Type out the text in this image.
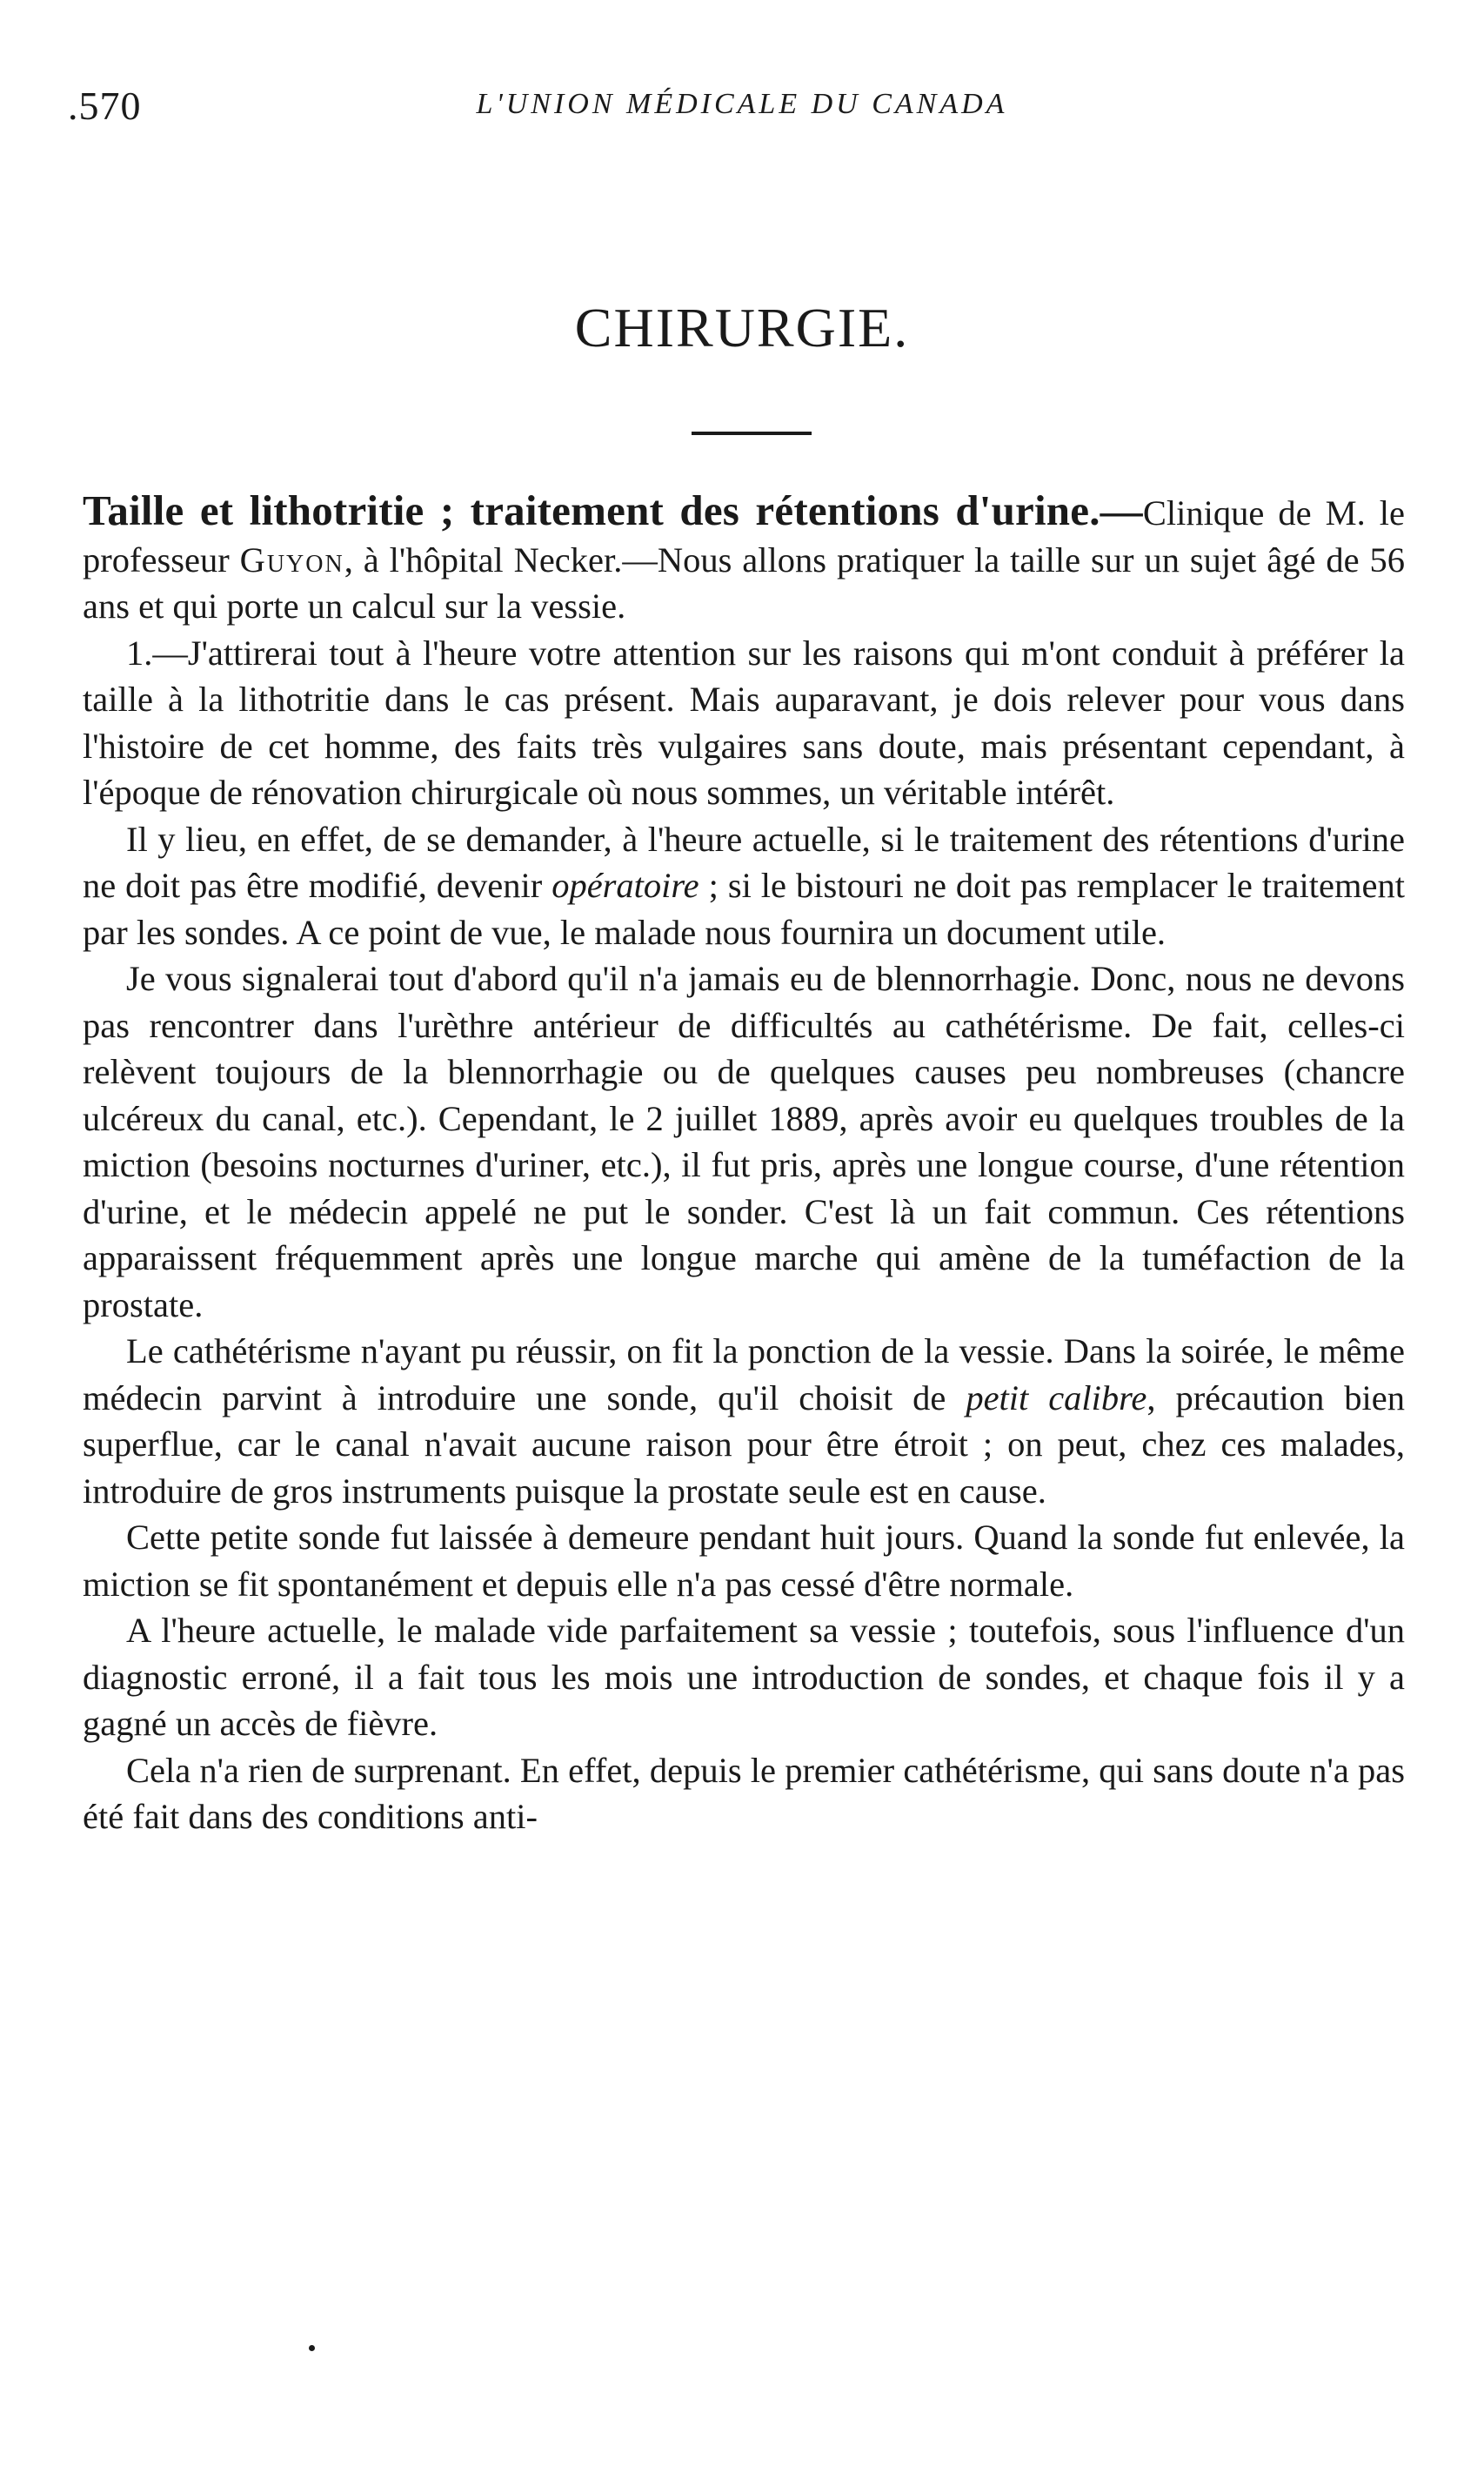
.570	L'UNION MÉDICALE DU CANADA
CHIRURGIE.

Taille et lithotritie ; traitement des rétentions d'urine.—Clinique de M. le professeur Guyon, à l'hôpital Necker.—Nous allons pratiquer la taille sur un sujet âgé de 56 ans et qui porte un calcul sur la vessie.

1.—J'attirerai tout à l'heure votre attention sur les raisons qui m'ont conduit à préférer la taille à la lithotritie dans le cas présent. Mais auparavant, je dois relever pour vous dans l'histoire de cet homme, des faits très vulgaires sans doute, mais présentant cependant, à l'époque de rénovation chirurgicale où nous sommes, un véritable intérêt.

Il y lieu, en effet, de se demander, à l'heure actuelle, si le traitement des rétentions d'urine ne doit pas être modifié, devenir opératoire ; si le bistouri ne doit pas remplacer le traitement par les sondes. A ce point de vue, le malade nous fournira un document utile.

Je vous signalerai tout d'abord qu'il n'a jamais eu de blennorrhagie. Donc, nous ne devons pas rencontrer dans l'urèthre antérieur de difficultés au cathétérisme. De fait, celles-ci relèvent toujours de la blennorrhagie ou de quelques causes peu nombreuses (chancre ulcéreux du canal, etc.). Cependant, le 2 juillet 1889, après avoir eu quelques troubles de la miction (besoins nocturnes d'uriner, etc.), il fut pris, après une longue course, d'une rétention d'urine, et le médecin appelé ne put le sonder. C'est là un fait commun. Ces rétentions apparaissent fréquemment après une longue marche qui amène de la tuméfaction de la prostate.

Le cathétérisme n'ayant pu réussir, on fit la ponction de la vessie. Dans la soirée, le même médecin parvint à introduire une sonde, qu'il choisit de petit calibre, précaution bien superflue, car le canal n'avait aucune raison pour être étroit ; on peut, chez ces malades, introduire de gros instruments puisque la prostate seule est en cause.

Cette petite sonde fut laissée à demeure pendant huit jours. Quand la sonde fut enlevée, la miction se fit spontanément et depuis elle n'a pas cessé d'être normale.

A l'heure actuelle, le malade vide parfaitement sa vessie ; toutefois, sous l'influence d'un diagnostic erroné, il a fait tous les mois une introduction de sondes, et chaque fois il y a gagné un accès de fièvre.

Cela n'a rien de surprenant. En effet, depuis le premier cathétérisme, qui sans doute n'a pas été fait dans des conditions anti-
